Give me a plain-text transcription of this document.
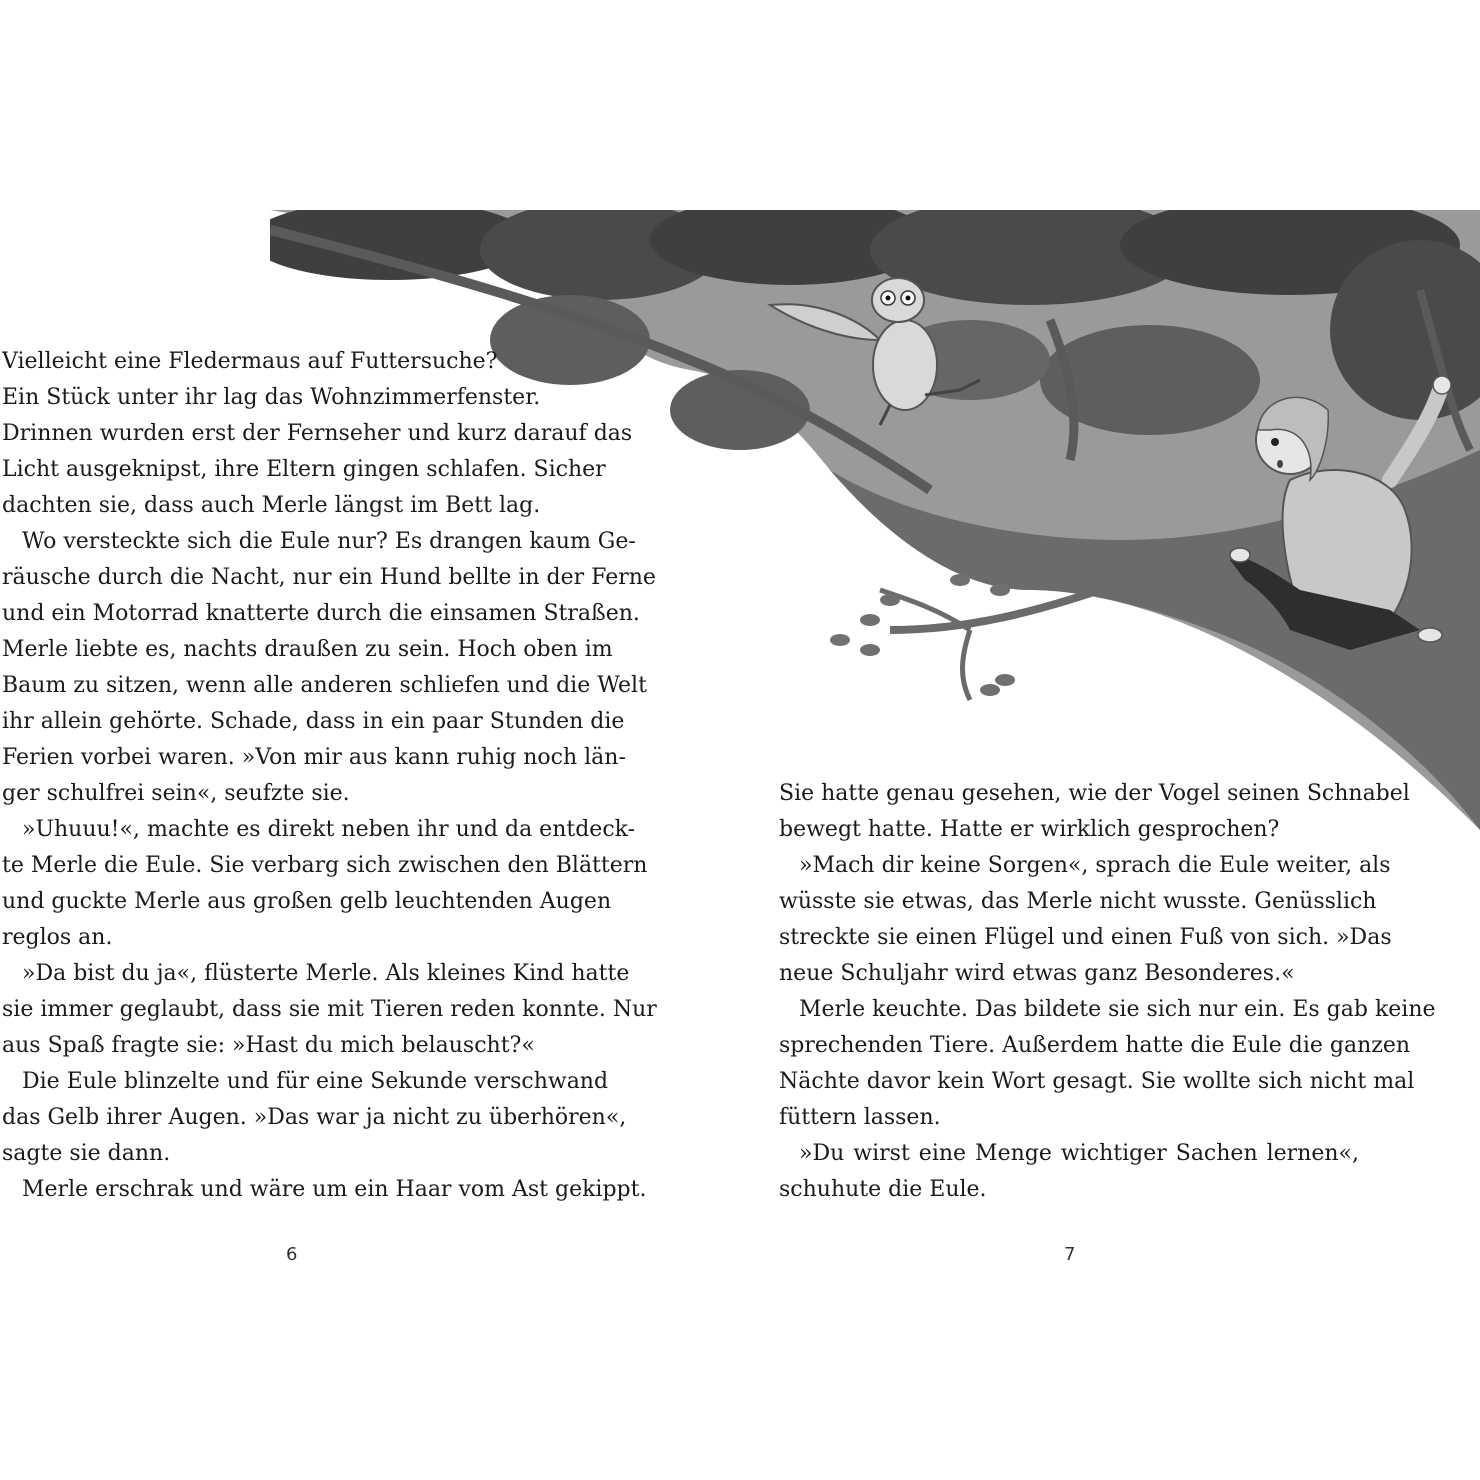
Vielleicht eine Fledermaus auf Futtersuche?
Ein Stück unter ihr lag das Wohnzimmerfenster.
Drinnen wurden erst der Fernseher und kurz darauf das
Licht ausgeknipst, ihre Eltern gingen schlafen. Sicher
dachten sie, dass auch Merle längst im Bett lag.
Wo versteckte sich die Eule nur? Es drangen kaum Ge-
räusche durch die Nacht, nur ein Hund bellte in der Ferne
und ein Motorrad knatterte durch die einsamen Straßen.
Merle liebte es, nachts draußen zu sein. Hoch oben im
Baum zu sitzen, wenn alle anderen schliefen und die Welt
ihr allein gehörte. Schade, dass in ein paar Stunden die
Ferien vorbei waren. »Von mir aus kann ruhig noch län-
ger schulfrei sein«, seufzte sie.
»Uhuuu!«, machte es direkt neben ihr und da entdeck-
te Merle die Eule. Sie verbarg sich zwischen den Blättern
und guckte Merle aus großen gelb leuchtenden Augen
reglos an.
»Da bist du ja«, flüsterte Merle. Als kleines Kind hatte
sie immer geglaubt, dass sie mit Tieren reden konnte. Nur
aus Spaß fragte sie: »Hast du mich belauscht?«
Die Eule blinzelte und für eine Sekunde verschwand
das Gelb ihrer Augen. »Das war ja nicht zu überhören«,
sagte sie dann.
Merle erschrak und wäre um ein Haar vom Ast gekippt.
Sie hatte genau gesehen, wie der Vogel seinen Schnabel
bewegt hatte. Hatte er wirklich gesprochen?
»Mach dir keine Sorgen«, sprach die Eule weiter, als
wüsste sie etwas, das Merle nicht wusste. Genüsslich
streckte sie einen Flügel und einen Fuß von sich. »Das
neue Schuljahr wird etwas ganz Besonderes.«
Merle keuchte. Das bildete sie sich nur ein. Es gab keine
sprechenden Tiere. Außerdem hatte die Eule die ganzen
Nächte davor kein Wort gesagt. Sie wollte sich nicht mal
füttern lassen.
»Du wirst eine Menge wichtiger Sachen lernen«,
schuhute die Eule.
6	7
